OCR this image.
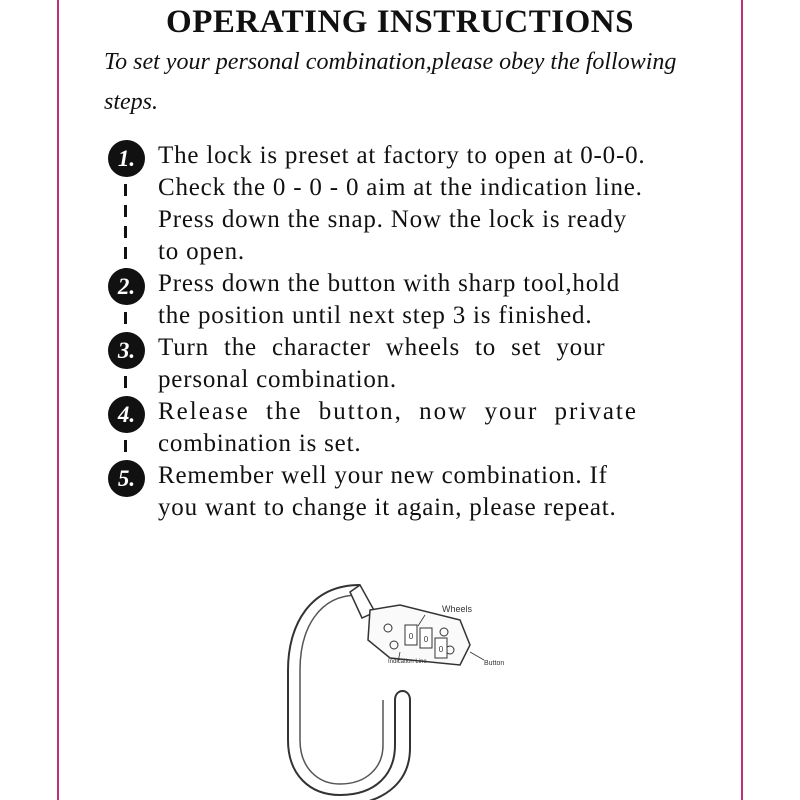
OPERATING INSTRUCTIONS
To set your personal combination,please obey the following steps.
1. The lock is preset at factory to open at 0-0-0.
Check the 0 - 0 - 0 aim at the indication line.
Press down the snap. Now the lock is ready
to open.
2. Press down the button with sharp tool,hold
the position until next step 3 is finished.
3. Turn the character wheels to set your
personal combination.
4. Release the button, now your private
combination is set.
5. Remember well your new combination. If
you want to change it again, please repeat.
0 0
0
Wheels
Indication Line	Button
